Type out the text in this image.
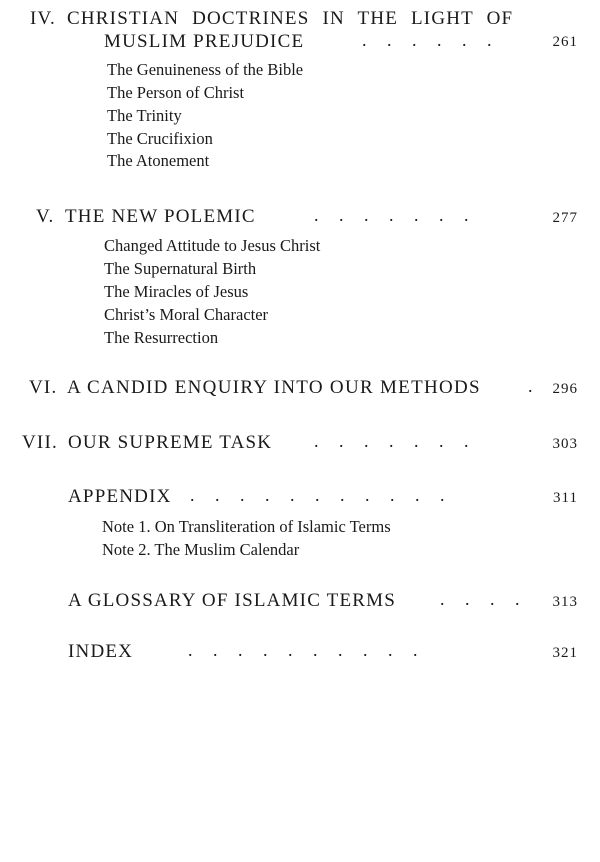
IV. CHRISTIAN DOCTRINES IN THE LIGHT OF
MUSLIM PREJUDICE	. . . . . .	261
The Genuineness of the Bible
The Person of Christ
The Trinity
The Crucifixion
The Atonement
V. THE NEW POLEMIC	. . . . . . .	277
Changed Attitude to Jesus Christ
The Supernatural Birth
The Miracles of Jesus
Christ’s Moral Character
The Resurrection
VI. A CANDID ENQUIRY INTO OUR METHODS	. 296
VII. OUR SUPREME TASK . . . . . . .	303
APPENDIX . . . . . . . . . . .	311
Note 1. On Transliteration of Islamic Terms
Note 2. The Muslim Calendar
A GLOSSARY OF ISLAMIC TERMS . . . . 313
INDEX	. . . . . . . . . .	321
